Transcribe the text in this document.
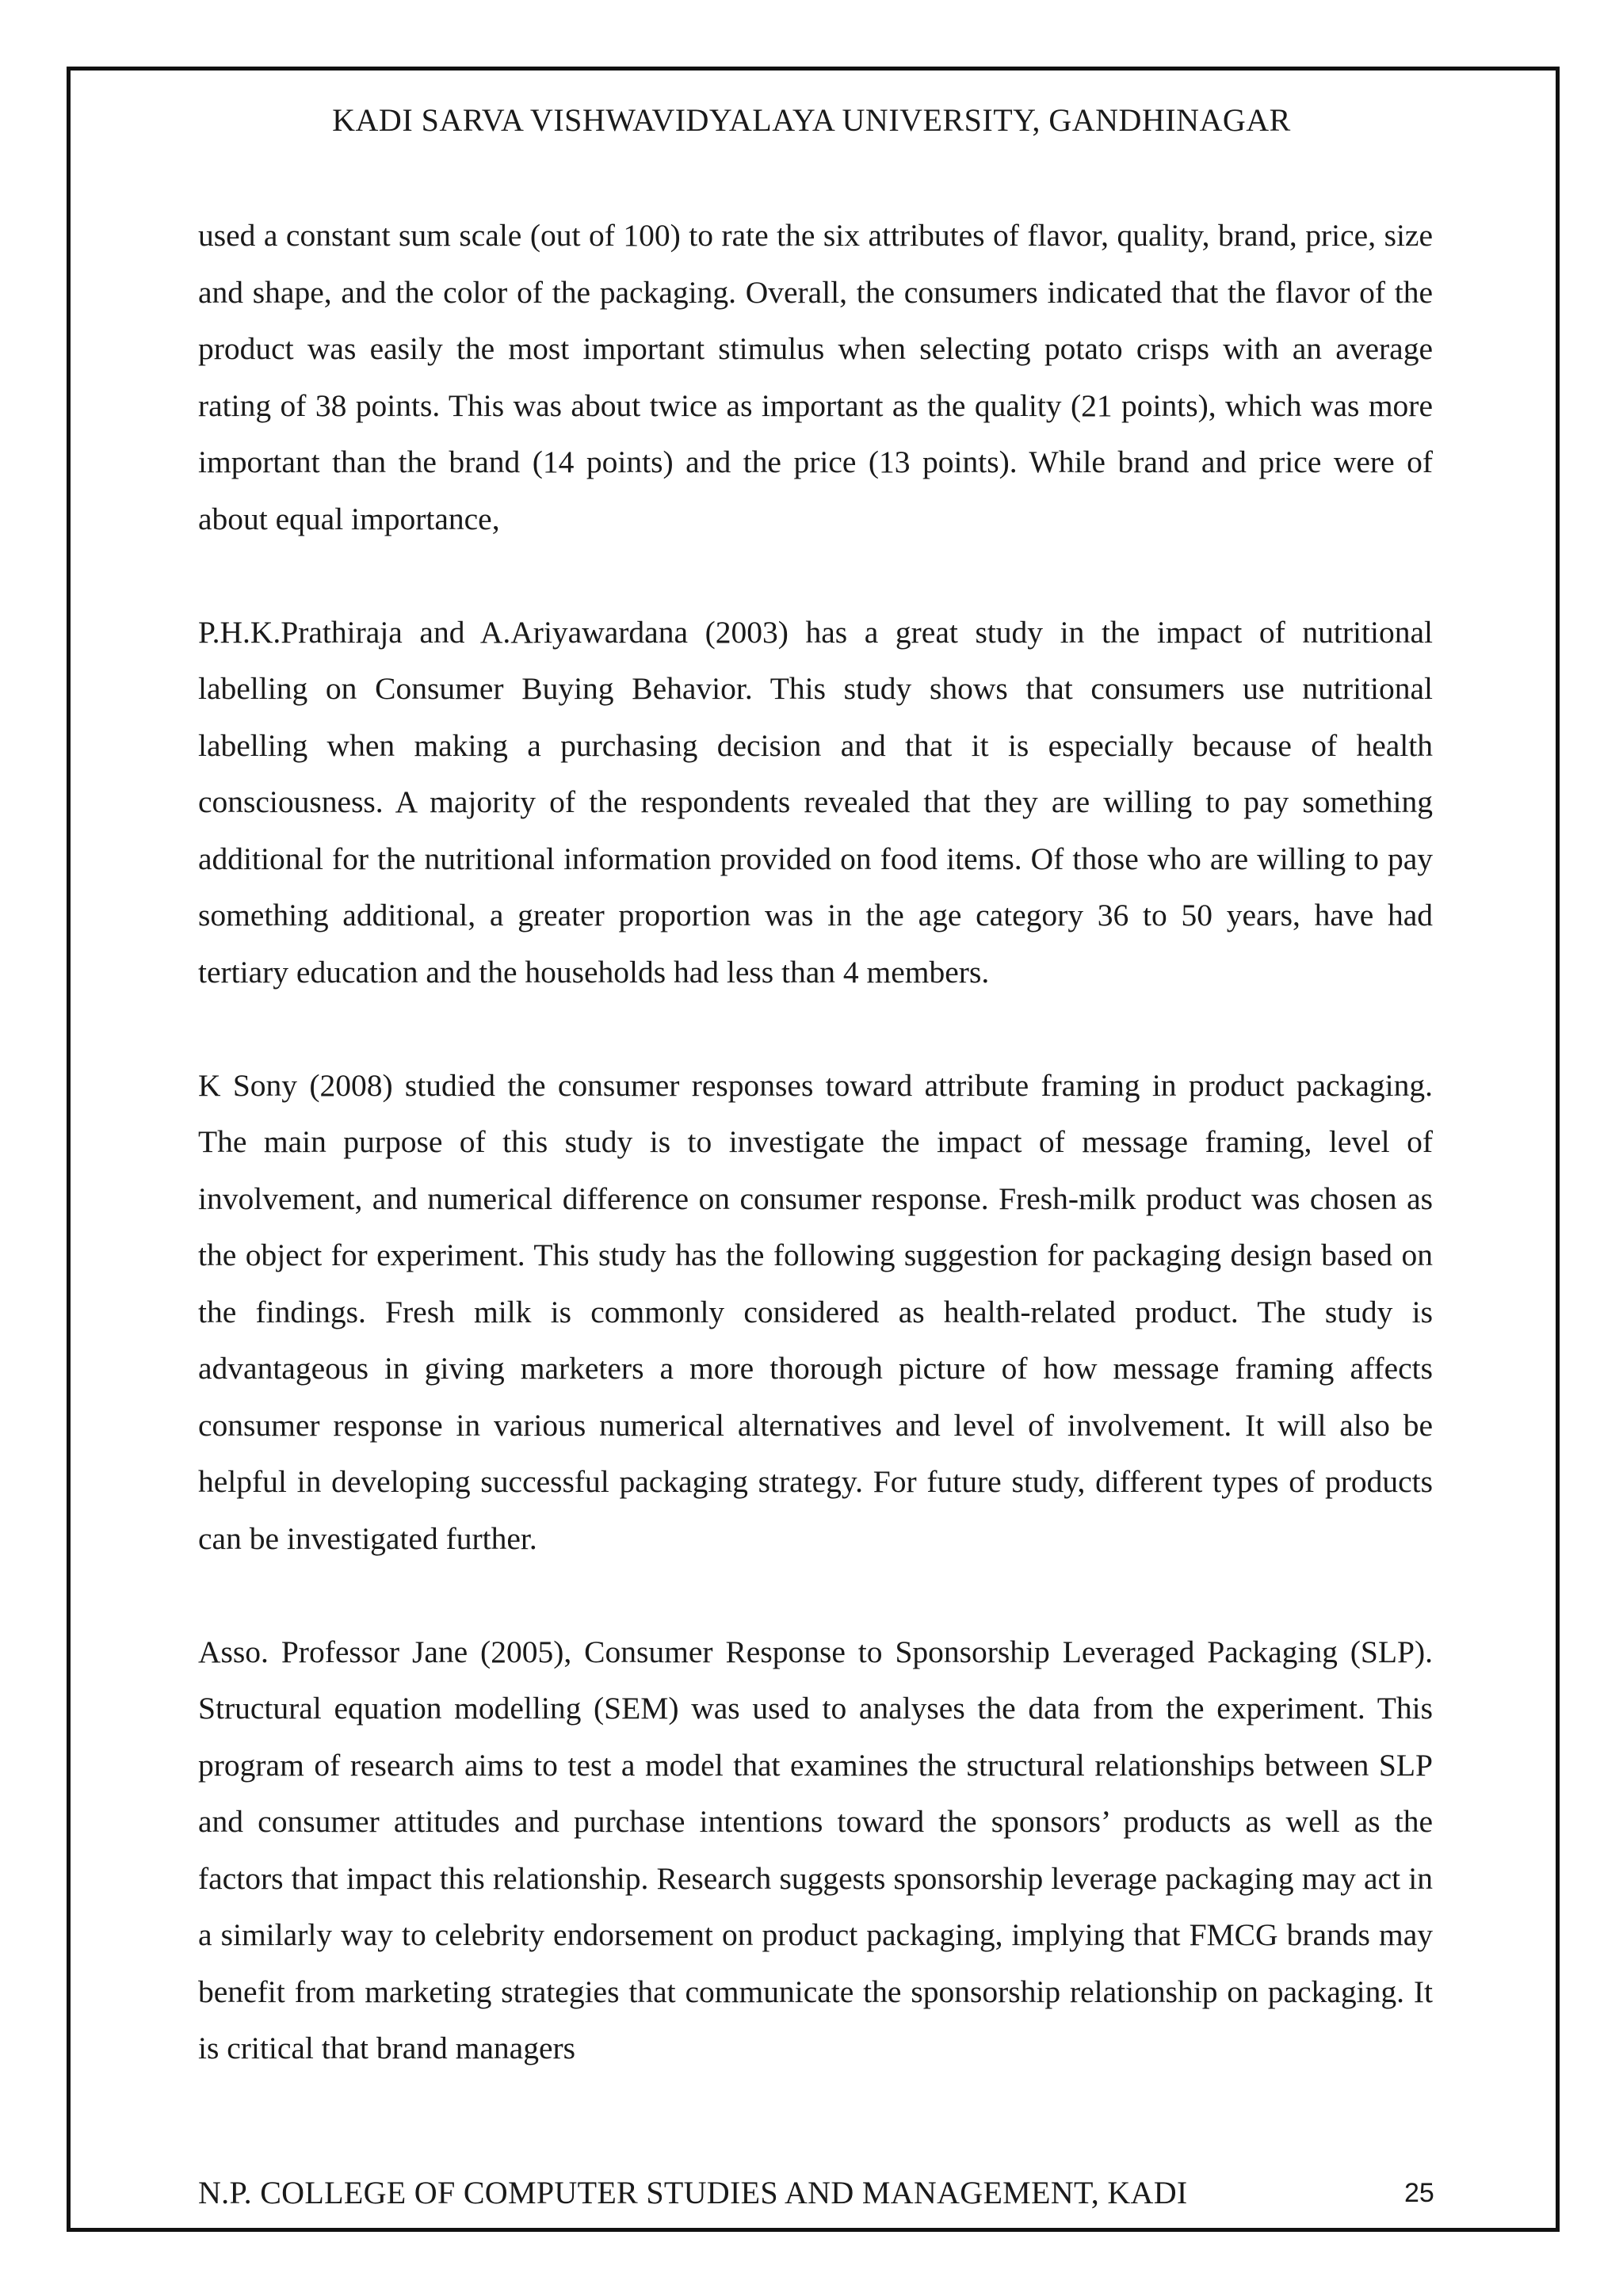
KADI SARVA VISHWAVIDYALAYA UNIVERSITY, GANDHINAGAR

used a constant sum scale (out of 100) to rate the six attributes of flavor, quality, brand, price, size and shape, and the color of the packaging. Overall, the consumers indicated that the flavor of the product was easily the most important stimulus when selecting potato crisps with an average rating of 38 points. This was about twice as important as the quality (21 points), which was more important than the brand (14 points) and the price (13 points). While brand and price were of about equal importance,

P.H.K.Prathiraja and A.Ariyawardana (2003) has a great study in the impact of nutritional labelling on Consumer Buying Behavior. This study shows that consumers use nutritional labelling when making a purchasing decision and that it is especially because of health consciousness. A majority of the respondents revealed that they are willing to pay something additional for the nutritional information provided on food items. Of those who are willing to pay something additional, a greater proportion was in the age category 36 to 50 years, have had tertiary education and the households had less than 4 members.

K Sony (2008) studied the consumer responses toward attribute framing in product packaging. The main purpose of this study is to investigate the impact of message framing, level of involvement, and numerical difference on consumer response. Fresh-milk product was chosen as the object for experiment. This study has the following suggestion for packaging design based on the findings. Fresh milk is commonly considered as health-related product. The study is advantageous in giving marketers a more thorough picture of how message framing affects consumer response in various numerical alternatives and level of involvement. It will also be helpful in developing successful packaging strategy. For future study, different types of products can be investigated further.

Asso. Professor Jane (2005), Consumer Response to Sponsorship Leveraged Packaging (SLP). Structural equation modelling (SEM) was used to analyses the data from the experiment. This program of research aims to test a model that examines the structural relationships between SLP and consumer attitudes and purchase intentions toward the sponsors’ products as well as the factors that impact this relationship. Research suggests sponsorship leverage packaging may act in a similarly way to celebrity endorsement on product packaging, implying that FMCG brands may benefit from marketing strategies that communicate the sponsorship relationship on packaging. It is critical that brand managers

N.P. COLLEGE OF COMPUTER STUDIES AND MANAGEMENT, KADI	25
